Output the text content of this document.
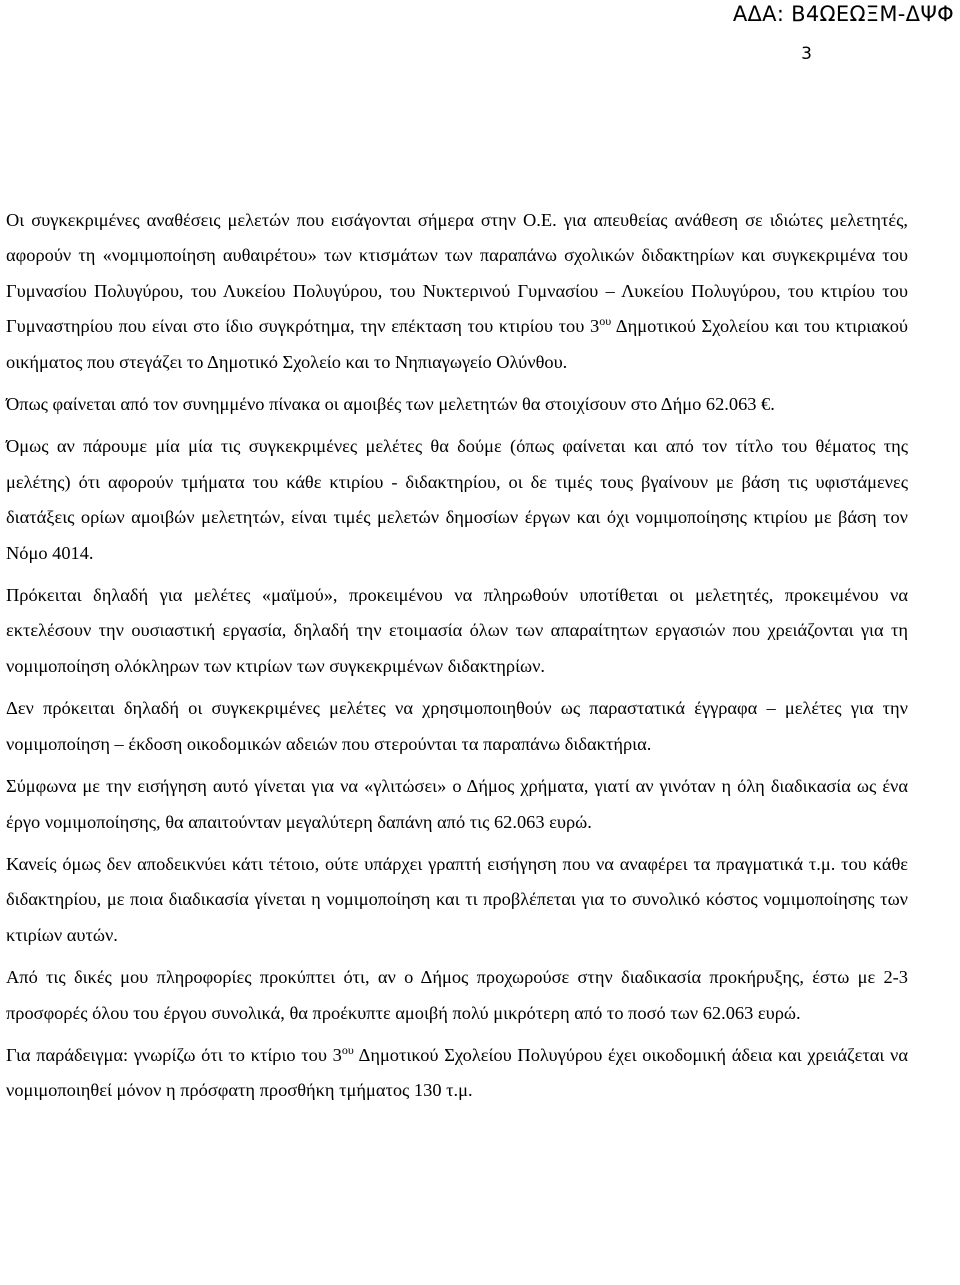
ΑΔΑ: Β4ΩΕΩΞΜ-ΔΨΦ
3

Οι συγκεκριμένες αναθέσεις μελετών που εισάγονται σήμερα στην Ο.Ε. για απευθείας ανάθεση σε ιδιώτες μελετητές, αφορούν τη «νομιμοποίηση αυθαιρέτου» των κτισμάτων των παραπάνω σχολικών διδακτηρίων και συγκεκριμένα του Γυμνασίου Πολυγύρου, του Λυκείου Πολυγύρου, του Νυκτερινού Γυμνασίου – Λυκείου Πολυγύρου, του κτιρίου του Γυμναστηρίου που είναι στο ίδιο συγκρότημα, την επέκταση του κτιρίου του $3^{o\upsilon}$ Δημοτικού Σχολείου και του κτιριακού οικήματος που στεγάζει το Δημοτικό Σχολείο και το Νηπιαγωγείο Ολύνθου.

Όπως φαίνεται από τον συνημμένο πίνακα οι αμοιβές των μελετητών θα στοιχίσουν στο Δήμο 62.063 €.

Όμως αν πάρουμε μία μία τις συγκεκριμένες μελέτες θα δούμε (όπως φαίνεται και από τον τίτλο του θέματος της μελέτης) ότι αφορούν τμήματα του κάθε κτιρίου - διδακτηρίου, οι δε τιμές τους βγαίνουν με βάση τις υφιστάμενες διατάξεις ορίων αμοιβών μελετητών, είναι τιμές μελετών δημοσίων έργων και όχι νομιμοποίησης κτιρίου με βάση τον Νόμο 4014.

Πρόκειται δηλαδή για μελέτες «μαϊμού», προκειμένου να πληρωθούν υποτίθεται οι μελετητές, προκειμένου να εκτελέσουν την ουσιαστική εργασία, δηλαδή την ετοιμασία όλων των απαραίτητων εργασιών που χρειάζονται για τη νομιμοποίηση ολόκληρων των κτιρίων των συγκεκριμένων διδακτηρίων.

Δεν πρόκειται δηλαδή οι συγκεκριμένες μελέτες να χρησιμοποιηθούν ως παραστατικά έγγραφα – μελέτες για την νομιμοποίηση – έκδοση οικοδομικών αδειών που στερούνται τα παραπάνω διδακτήρια.

Σύμφωνα με την εισήγηση αυτό γίνεται για να «γλιτώσει» ο Δήμος χρήματα, γιατί αν γινόταν η όλη διαδικασία ως ένα έργο νομιμοποίησης, θα απαιτούνταν μεγαλύτερη δαπάνη από τις 62.063 ευρώ.

Κανείς όμως δεν αποδεικνύει κάτι τέτοιο, ούτε υπάρχει γραπτή εισήγηση που να αναφέρει τα πραγματικά τ.μ. του κάθε διδακτηρίου, με ποια διαδικασία γίνεται η νομιμοποίηση και τι προβλέπεται για το συνολικό κόστος νομιμοποίησης των κτιρίων αυτών.

Από τις δικές μου πληροφορίες προκύπτει ότι, αν ο Δήμος προχωρούσε στην διαδικασία προκήρυξης, έστω με 2-3 προσφορές όλου του έργου συνολικά, θα προέκυπτε αμοιβή πολύ μικρότερη από το ποσό των 62.063 ευρώ.

Για παράδειγμα: γνωρίζω ότι το κτίριο του $3^{o\upsilon}$ Δημοτικού Σχολείου Πολυγύρου έχει οικοδομική άδεια και χρειάζεται να νομιμοποιηθεί μόνον η πρόσφατη προσθήκη τμήματος 130 τ.μ.
